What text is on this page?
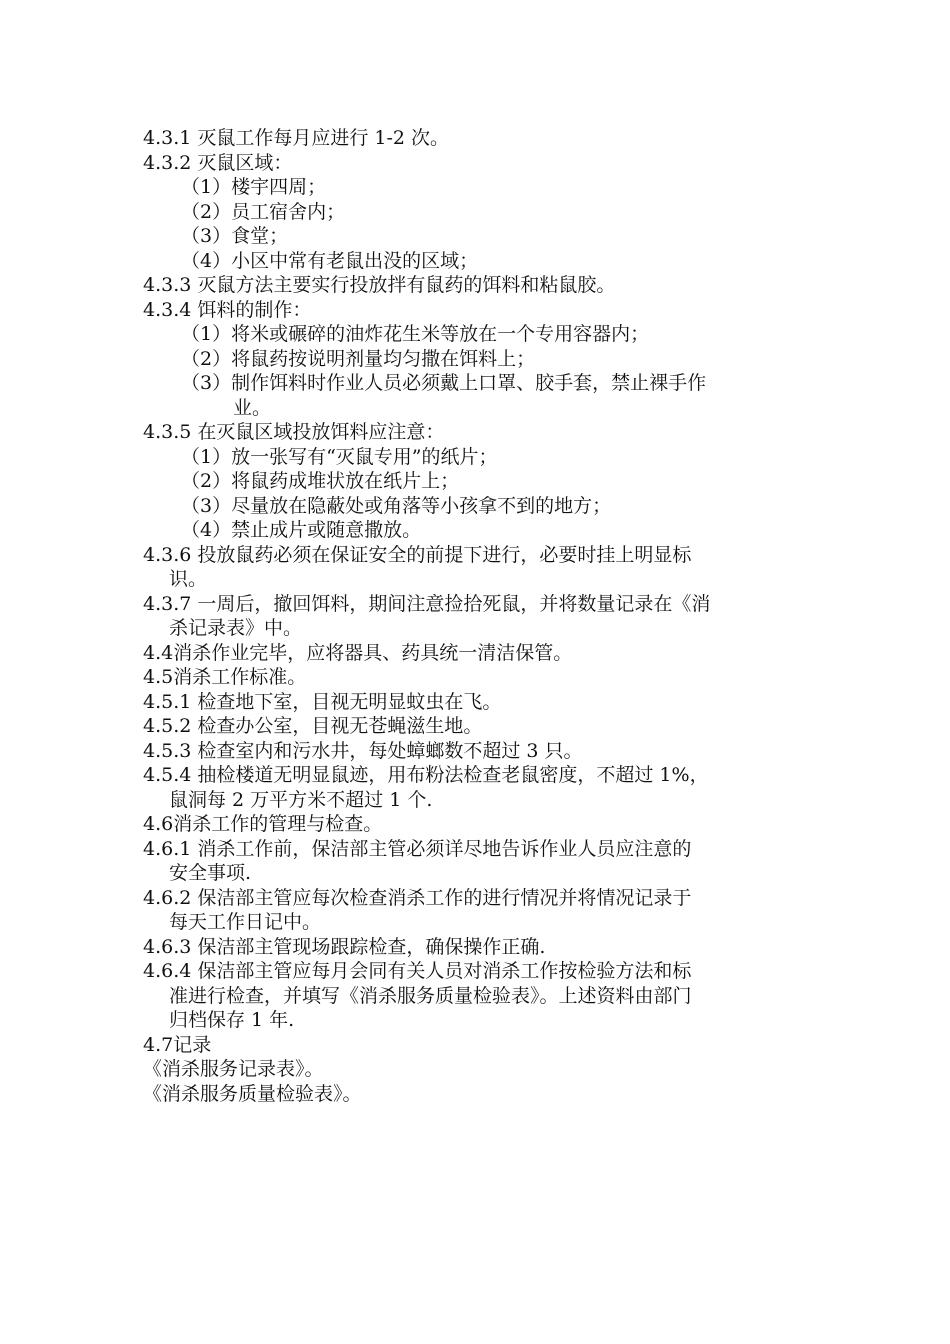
4.3.1 灭鼠工作每月应进行 1-2 次。
4.3.2 灭鼠区域：
（1）楼宇四周；
（2）员工宿舍内；
（3）食堂；
（4）小区中常有老鼠出没的区域；
4.3.3 灭鼠方法主要实行投放拌有鼠药的饵料和粘鼠胶。
4.3.4 饵料的制作：
（1）将米或碾碎的油炸花生米等放在一个专用容器内；
（2）将鼠药按说明剂量均匀撒在饵料上；
（3）制作饵料时作业人员必须戴上口罩、胶手套，禁止裸手作
业。
4.3.5 在灭鼠区域投放饵料应注意：
（1）放一张写有“灭鼠专用”的纸片；
（2）将鼠药成堆状放在纸片上；
（3）尽量放在隐蔽处或角落等小孩拿不到的地方；
（4）禁止成片或随意撒放。
4.3.6 投放鼠药必须在保证安全的前提下进行，必要时挂上明显标
识。
4.3.7 一周后，撤回饵料，期间注意捡拾死鼠，并将数量记录在《消
杀记录表》中。
4.4消杀作业完毕，应将器具、药具统一清洁保管。
4.5消杀工作标准。
4.5.1 检查地下室，目视无明显蚊虫在飞。
4.5.2 检查办公室，目视无苍蝇滋生地。
4.5.3 检查室内和污水井，每处蟑螂数不超过 3 只。
4.5.4 抽检楼道无明显鼠迹，用布粉法检查老鼠密度，不超过 1%，
鼠洞每 2 万平方米不超过 1 个.
4.6消杀工作的管理与检查。
4.6.1 消杀工作前，保洁部主管必须详尽地告诉作业人员应注意的
安全事项.
4.6.2 保洁部主管应每次检查消杀工作的进行情况并将情况记录于
每天工作日记中。
4.6.3 保洁部主管现场跟踪检查，确保操作正确.
4.6.4 保洁部主管应每月会同有关人员对消杀工作按检验方法和标
准进行检查，并填写《消杀服务质量检验表》。上述资料由部门
归档保存 1 年.
4.7记录
《消杀服务记录表》。
《消杀服务质量检验表》。
